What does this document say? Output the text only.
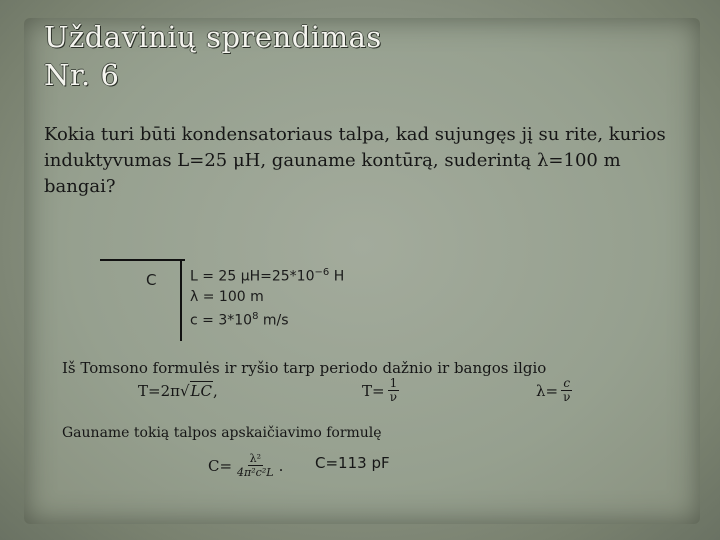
Uždavinių sprendimas
Nr. 6

Kokia turi būti kondensatoriaus talpa, kad sujungęs jį su rite, kurios induktyvumas L=25 μH, gauname kontūrą, suderintą λ=100 m bangai?

C L = 25 $\mu H=25*10^{-6}$ H
λ = 100 m
$c = 3*10^8$ m/s
Iš Tomsono formulės ir ryšio tarp periodo dažnio ir bangos ilgio
T=2π √ LC ,	$T= \frac{1}{\nu}$	$\lambda= \frac{c}{\nu}$
Gauname tokią talpos apskaičiavimo formulę
$C= \frac{\text{λ²}}{\text{4π²c²L}}$ . C=113 pF
